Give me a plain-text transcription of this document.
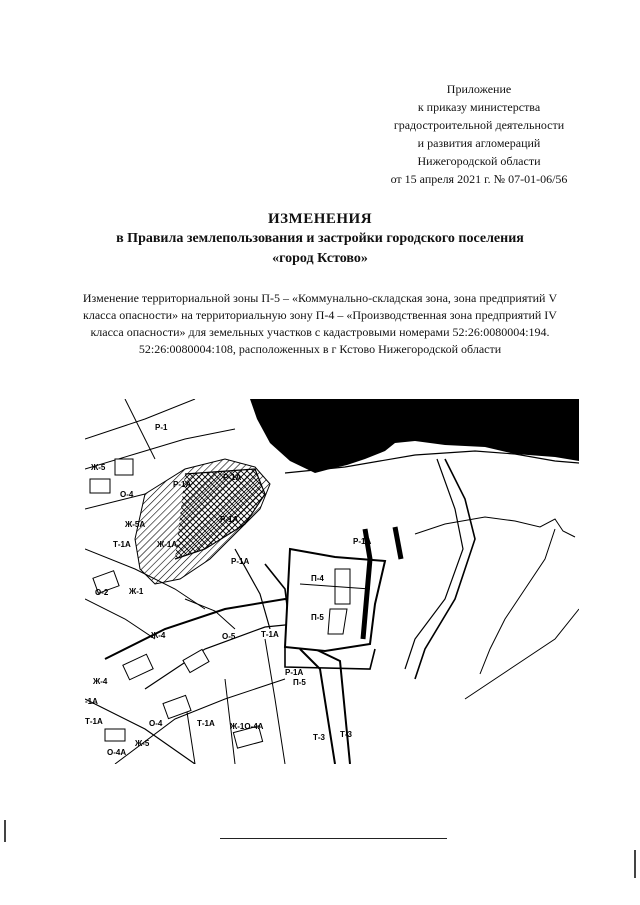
Приложение
к приказу министерства
градостроительной деятельности
и развития агломераций
Нижегородской области
от 15 апреля 2021 г. № 07-01-06/56
ИЗМЕНЕНИЯ
в Правила землепользования и застройки городского поселения
«город Кстово»
Изменение территориальной зоны П-5 – «Коммунально-складская зона, зона предприятий V
класса опасности» на территориальную зону П-4 – «Производственная зона предприятий IV
класса опасности» для земельных участков с кадастровыми номерами 52:26:0080004:194.
52:26:0080004:108, расположенных в г Кстово Нижегородской области
Р-1
Ж-5
О-4
Р-1А
Р-1А
Ж-5А
Ж-1А
Р-1А
Т-1А
Ж-1
О-2
Р-1А
Р-1А
П-4
П-5
Ж-4	О-5	Т-1А
Р-1А
П-5
Ж-4
Т-1А	О-4	Т-1А Ж-1О-4А
Ж-5
О-4А
Т-3 Т-3
-1А
